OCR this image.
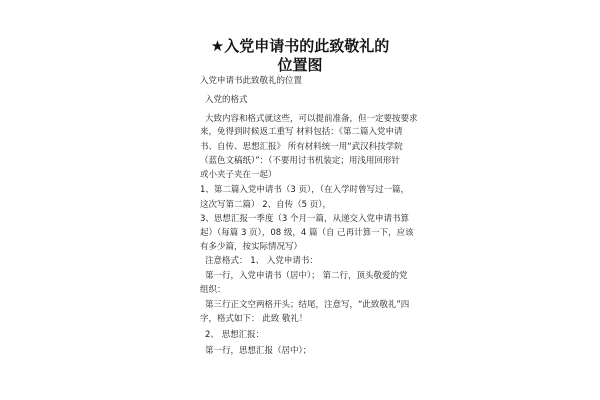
★入党申请书的此致敬礼的
位置图
入党申请书此致敬礼的位置
入党的格式
大致内容和格式就这些，可以提前准备，但一定要按要求
来，免得到时候返工重写 材料包括：《第二篇入党申请
书、自传、思想汇报》 所有材料统一用“武汉科技学院
（蓝色文稿纸）”：（不要用讨书机装定；用浅用回形针
或小夹子夹在一起）
1、第二篇入党申请书（3 页），（在入学时曾写过一篇，
这次写第二篇） 2、自传（5 页），
3、思想汇报一季度（3 个月一篇，从递交入党申请书算
起）（每篇 3 页），08 级，4 篇（自 己再计算一下，应该
有多少篇，按实际情况写）
注意格式： 1、 入党申请书：
第一行，入党申请书（居中）； 第二行，顶头敬爱的党
组织：
第三行正文空两格开头；结尾，注意写，“此致敬礼”四
字，格式如下： 此致 敬礼！
2、 思想汇报：
第一行，思想汇报（居中）；
